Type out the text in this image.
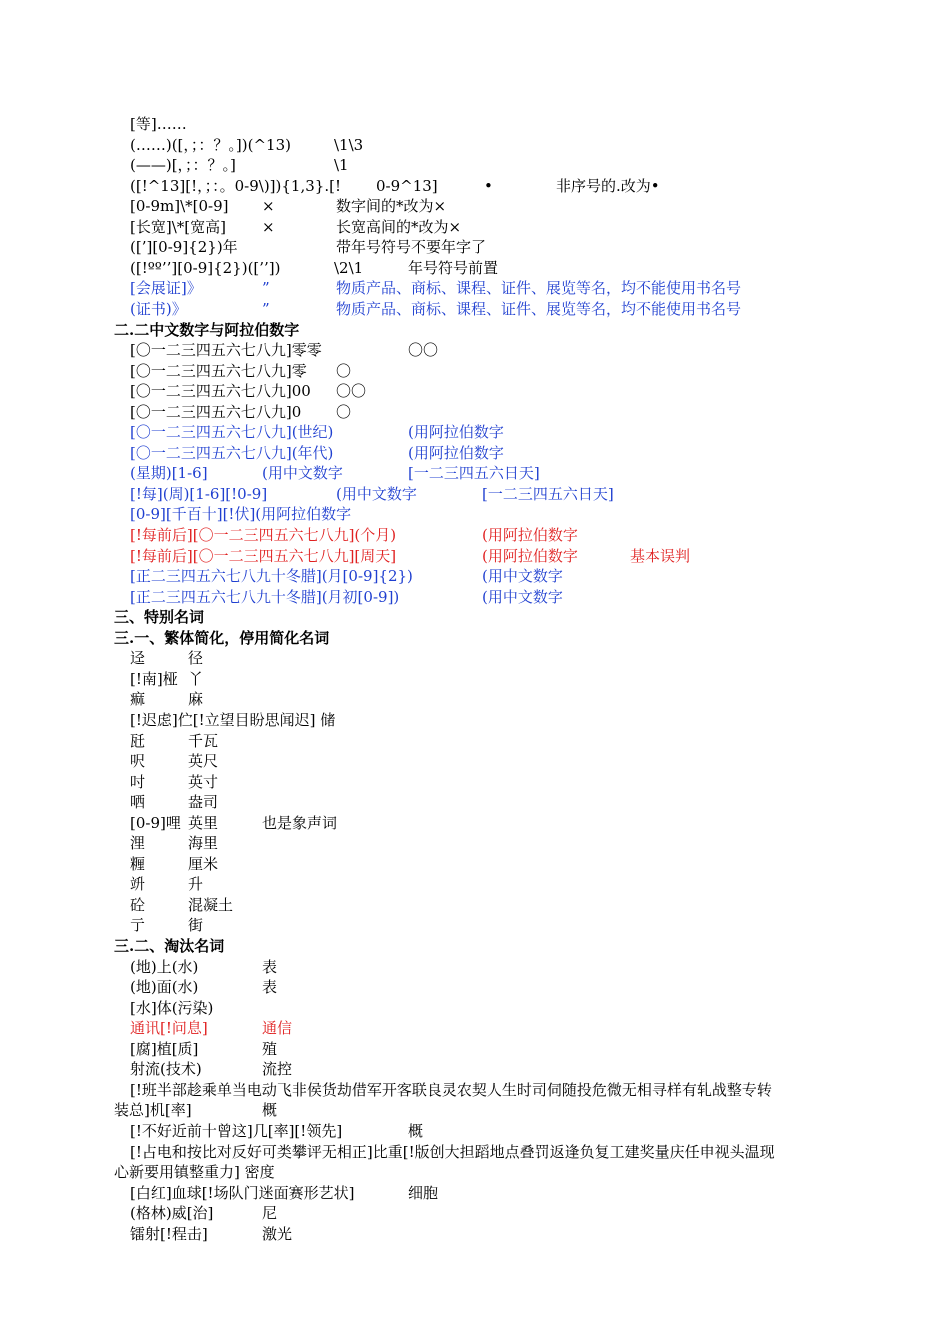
[等]……
(……)([，；：？。])(^13)	\1\3
(——)[，；：？。]	\1
([!^13][!，；：。0-9\)]){1,3}.[! 0-9^13]	•	非序号的.改为•
[0-9m]\*[0-9] ×	数字间的*改为×
[长宽]\*[宽高] ×	长宽高间的*改为×
([’][0-9]{2})年	带年号符号不要年字了
([!ºº’’][0-9]{2})([’’])	\2\1	年号符号前置
[会展证]》	”	物质产品、商标、课程、证件、展览等名，均不能使用书名号
(证书)》	”	物质产品、商标、课程、证件、展览等名，均不能使用书名号
二.二中文数字与阿拉伯数字
[〇一二三四五六七八九]零零	〇〇
[〇一二三四五六七八九]零 〇
[〇一二三四五六七八九]00 〇〇
[〇一二三四五六七八九]0 〇
[〇一二三四五六七八九](世纪)	(用阿拉伯数字
[〇一二三四五六七八九](年代)	(用阿拉伯数字
(星期)[1-6]	(用中文数字	[一二三四五六日天]
[!每](周)[1-6][!0-9]	(用中文数字	[一二三四五六日天]
[0-9][千百十][!伏](用阿拉伯数字
[!每前后][〇一二三四五六七八九](个月)	(用阿拉伯数字
[!每前后][〇一二三四五六七八九][周天]	(用阿拉伯数字	基本误判
[正二三四五六七八九十冬腊](月[0-9]{2})	(用中文数字
[正二三四五六七八九十冬腊](月初[0-9])	(用中文数字
三、特别名词
三.一、繁体简化，停用简化名词
迳	径
[!南]桠 丫
痲	麻
[!迟虑]伫[!立望目盼思闻迟] 储
瓩	千瓦
呎	英尺
吋	英寸
哂	盎司
[0-9]哩 英里	也是象声词
浬	海里
糎	厘米
竔	升
砼	混凝土
亍	街
三.二、淘汰名词
(地)上(水)	表
(地)面(水)	表
[水]体(污染)
通讯[!问息]	通信
[腐]植[质]	殖
射流(技术)	流控
[!班半部趁乘单当电动飞非侯货劫借军开客联良灵农契人生时司伺随投危微无相寻样有轧战整专转
装总]机[率]	概
[!不好近前十曾这]几[率][!领先]	概
[!占电和按比对反好可类攀评无相正]比重[!版创大担蹈地点叠罚返逢负复工建奖量庆任申视头温现
心新要用镇整重力] 密度
[白红]血球[!场队门迷面赛形艺状]	细胞
(格林)威[治]	尼
镭射[!程击]	激光
